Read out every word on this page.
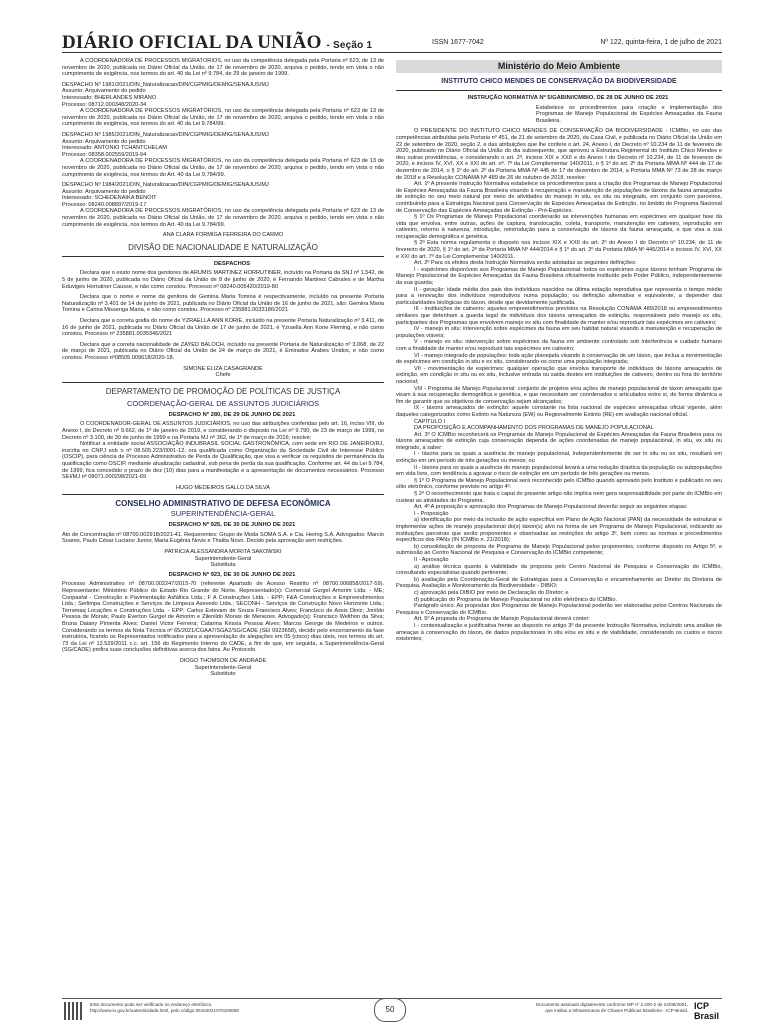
DIÁRIO OFICIAL DA UNIÃO - Seção 1	ISSN 1677-7042	Nº 122, quinta-feira, 1 de julho de 2021

A COORDENADORA DE PROCESSOS MIGRATÓRIOS, no uso da competência delegada pela Portaria nº 623, de 13 de novembro de 2020, publicada no Diário Oficial da União, de 17 de novembro de 2020, arquiva o pedido, tendo em vista o não cumprimento de exigência, nos termos do art. 40 da Lei nº 9.784, de 29 de janeiro de 1999.

DESPACHO Nº 1981/2021/DIN_Naturalizacao/DIN/CGPMIG/DEMIG/SENAJUS/MJ

Assunto: Arquivamento do pedido

Interessado: BHERLANDES MIRANO

Processo: 08712.000348/2020-34

A COORDENADORA DE PROCESSOS MIGRATÓRIOS, no uso da competência delegada pela Portaria nº 623 de 13 de novembro de 2020, publicada no Diário Oficial da União, de 17 de novembro de 2020, arquiva o pedido, tendo em vista o não cumprimento de exigência, nos termos do art. 40 da Lei 9.784/99.

DESPACHO Nº 1985/2021/DIN_Naturalizacao/DIN/CGPMIG/DEMIG/SENAJUS/MJ

Assunto: Arquivamento do pedido

Interessado: ANTONIO TCHANTCHELAM

Processo: 08358.002559/2019-94

A COORDENADORA DE PROCESSOS MIGRATÓRIOS, no uso da competência delegada pela Portaria nº 623 de 13 de novembro de 2020, publicada no Diário Oficial da União, de 17 de novembro de 2020, arquiva o pedido, tendo em vista o não cumprimento de exigência, nos termos do Art. 40 da Lei 9.784/99.

DESPACHO Nº 1984/2021/DIN_Naturalizacao/DIN/CGPMIG/DEMIG/SENAJUS/MJ

Assunto: Arquivamento do pedido

Interessado: SCHEDENAIKA BENOIT

Processo: 08240.008897/2019-17

A COORDENADORA DE PROCESSOS MIGRATÓRIOS, no uso da competência delegada pela Portaria nº 623 de 13 de novembro de 2020, publicada no Diário Oficial da União, de 17 de novembro de 2020, arquiva o pedido, tendo em vista o não cumprimento de exigência, nos termos do Art. 40 da Lei 9.784/99.

ANA CLARA FORMIGA FERREIRA DO CARMO

DIVISÃO DE NACIONALIDADE E NATURALIZAÇÃO

DESPACHOS

Declara que o exato nome dos genitores de ARUMIS MARTINEZ HORRUTINER, incluído na Portaria da SNJ nº 1.542, de 5 de junho de 2020, publicada no Diário Oficial da União de 8 de junho de 2020, é Fernando Martinez Cabrales e de Martha Eduviges Horrutiner Causse, e não como constou. Processo nº 08240.005420/2019-80

Declara que o nome e nome da genitora de Gemina Maria Tomina é respectivamente, incluído na presente Portaria Naturalização nº 3.401 de 14 de junho de 2021, publicada no Diário Oficial da União de 16 de junho de 2021, são: Gemina Maria Tomina e Carina Missenga Maria, e não como constou. Processo nº 235881.0033186/2021

Declara que a correta grafia do nome de YZRAELLA ANN KORIE, incluído na presente Portaria Naturalização nº 3.411, de 16 de junho de 2021, publicada no Diário Oficial da União de 17 de junho de 2021, é Yzraella Ann Korie Fleming, e não como constou. Processo nº 235881.0035346/2021

Declara que a correta nacionalidade de ZAYED BALOCH, incluído na presente Portaria de Naturalização nº 3.068, de 22 de março de 2021, publicada no Diário Oficial da União de 24 de março de 2021, é Emirados Árabes Unidos, e não como constou. Processo nº08505.009618/2020-18.

SIMONE ELIZA CASAGRANDE

Chefe

DEPARTAMENTO DE PROMOÇÃO DE POLÍTICAS DE JUSTIÇA
COORDENAÇÃO-GERAL DE ASSUNTOS JUDICIÁRIOS

DESPACHO Nº 280, DE 29 DE JUNHO DE 2021

O COORDENADOR-GERAL DE ASSUNTOS JUDICIÁRIOS, no uso das atribuições conferidas pelo art. 16, inciso VIII, do Anexo I, do Decreto nº 9.662, de 1º de janeiro de 2019, e considerando o disposto na Lei nº 9.790, de 23 de março de 1999, no Decreto nº 3.100, de 30 de junho de 1999 e na Portaria MJ nº 362, de 1º de março de 2016; resolve:

Notificar a entidade social ASSOCIAÇÃO INDUBRASIL SOCIAL GASTRONÔMICA, com sede em RIO DE JANEIRO/RJ, inscrita no CNPJ sob o nº 08.505.223/0001-12, ora qualificada como Organização da Sociedade Civil de Interesse Público (OSCIP), para ciência de Processo Administrativo de Perda de Qualificação, que visa a verificar os requisitos de permanência da qualificação como OSCIP, mediante atualização cadastral, sob pena de perda da sua qualificação. Conforme art. 44 da Lei 9.784, de 1999, fica concedido o prazo de dez (10) dias para a manifestação e a apresentação de documentos necessários. Processo SEI/MJ nº 08071.000298/2021-69

HUGO MEDEIROS GALLO DA SILVA

CONSELHO ADMINISTRATIVO DE DEFESA ECONÔMICA
SUPERINTENDÊNCIA-GERAL

DESPACHO Nº 925, DE 30 DE JUNHO DE 2021

Ato de Concentração nº 08700.002918/2021-41. Requerentes: Grupo de Moda SOMA S.A. e Cia. Hering S.A. Advogados: Marcio Soares, Paulo César Luciano Junior, Maria Eugênia Novis e Thalita Novo. Decido pela aprovação sem restrições.

PATRICIA ALESSANDRA MORITA SAKOWSKI

Superintendente-Geral

Substituta

DESPACHO Nº 923, DE 30 DE JUNHO DE 2021

Processo Administrativo nº 08700.002247/2015-70 (referente Apartado de Acesso Restrito nº 08700.006858/2017-59). Representante: Ministério Público do Estado Rio Grande do Norte. Representado(s): Comercial Gurgel Amorim Ltda. - ME; Conpasfal - Construção e Pavimentação Asfáltica Ltda.; F A Construções Ltda. - EPP; F&A Construções e Empreendimentos Ltda.; Serlimpa Construções e Serviços de Limpeza Azevedo Ltda.; SECONH - Serviços de Construção Novo Horizonte Ltda.; Terramaq Locações e Construções Ltda. - EPP; Carlos Estevam de Souza Francisco Alves; Francisco de Assis Diniz; Jonildo Pessoa de Morais; Paulo Everton Gurgel de Amorim e Zilenildo Morais de Menezes. Advogado(s): Francisco Welthon da Silva; Bruna Daiany Pimenta Alves; Daniel Victor Ferreira; Catarina Késsia Pessoa Alves; Marcos George de Medeiros e outros. Considerando os termos da Nota Técnica nº 65/2021/CGAA7/SGA2/SG/CADE (SEI 0923658), decido pelo encerramento da fase instrutória, ficando os Representados notificados para a apresentação de alegações em 05 (cinco) dias úteis, nos termos do art. 73 da Lei nº 12.529/2011 c.c. art. 156 do Regimento Interno do CADE, a fim de que, em seguida, a Superintendência-Geral (SG/CADE) profira suas conclusões definitivas acerca dos fatos. Ao Protocolo.

DIOGO THOMSON DE ANDRADE

Superintendente-Geral

Substituto

Ministério do Meio Ambiente
INSTITUTO CHICO MENDES DE CONSERVAÇÃO DA BIODIVERSIDADE

INSTRUÇÃO NORMATIVA Nº 5/GABIN/ICMBIO, DE 28 DE JUNHO DE 2021

Estabelece os procedimentos para criação e implementação dos Programas de Manejo Populacional de Espécies Ameaçadas da Fauna Brasileira.

O PRESIDENTE DO INSTITUTO CHICO MENDES DE CONSERVAÇÃO DA BIODIVERSIDADE - ICMBio, no uso das competências atribuídas pela Portaria nº 451, de 21 de setembro de 2020, da Casa Civil, e publicada no Diário Oficial da União em 22 de setembro de 2020, seção 2, e das atribuições que lhe confere o art. 24, Anexo I, do Decreto nº 10.234 de 11 de fevereiro de 2020, publicado no Diário Oficial da União do dia subsequente, que aprovou a Estrutura Regimental do Instituto Chico Mendes e deu outras providências, e considerando o art. 2º, incisos XIX e XXII e do Anexo I do Decreto nº 10.234, de 11 de fevereiro de 2020, e incisos IV, XVI, XX e XXI do art. nº. 7º da Lei Complementar 140/2011, o § 1º do art. 2º da Portaria MMA Nº 444 de 17 de dezembro de 2014, o § 1º do art. 2º da Portaria MMA Nº 445 de 17 de dezembro de 2014, a Portaria MMA Nº 73 de 28 de março de 2018 e a Resolução CONAMA Nº 489 de 26 de outubro de 2018, resolve:

Art. 1º A presente Instrução Normativa estabelece os procedimentos para a criação dos Programas de Manejo Populacional de Espécies Ameaçadas da Fauna Brasileira visando à recuperação e manutenção de populações de táxons da fauna ameaçados de extinção no seu meio natural por meio de atividades do manejo in situ, ex situ ou integrado, em conjunto com parceiros, contribuindo para a Estratégia Nacional para Conservação de Espécies Ameaçadas de Extinção, no âmbito do Programa Nacional de Conservação das Espécies Ameaçadas de Extinção - Pró-Espécies.

§ 1º Os Programas de Manejo Populacional coordenarão as intervenções humanas em espécimes em qualquer fase da vida que envolva, entre outras, ações de captura, translocação, coleta, transporte, manutenção em cativeiro, reprodução em cativeiro, retorno à natureza, introdução, reintrodução para a conservação de táxons da fauna ameaçada, e que visa a sua recuperação demográfica e genética.

§ 2º Esta norma regulamenta o disposto nos incisos XIX e XXII do art. 2º do Anexo I do Decreto nº 10.234, de 11 de fevereiro de 2020, § 1º do art. 2º da Portaria MMA Nº 444/2014 e § 1º do art. 2º da Portaria MMA Nº 445/2014 e incisos IV, XVI, XX e XXI do art. 7º da Lei Complementar 140/2011.

Art. 2º Para os efeitos desta Instrução Normativa serão adotadas as seguintes definições:

I - espécimes disponíveis aos Programas de Manejo Populacional: todos os espécimes cujos táxons tenham Programa de Manejo Populacional de Espécies Ameaçadas da Fauna Brasileira oficialmente instituído pelo Poder Público, independentemente da sua guarda;

II - geração: idade média dos pais dos indivíduos nascidos na última estação reprodutiva que representa o tempo médio para a renovação dos indivíduos reprodutivos numa população; ou definição alternativa e equivalente, a depender das particularidades biológicas do táxon, desde que devidamente justificada.

III - instituições de cativeiro: aqueles empreendimentos previstos na Resolução CONAMA 489/2018 ou empreendimentos similares que detenham a guarda legal de indivíduos dos táxons ameaçados de extinção, responsáveis pelo manejo ex situ, participantes dos Programas que envolvem manejo ex situ com finalidade de manter e/ou reproduzir tais espécimes em cativeiro;

IV - manejo in situ: intervenção sobre espécimes da fauna em seu habitat natural visando à manutenção e recuperação de populações viáveis;

V - manejo ex situ: intervenção sobre espécimes da fauna em ambiente controlado sob interferência e cuidado humano com a finalidade de manter e/ou reproduzir tais espécimes em cativeiro;

VI - manejo integrado de populações: toda ação planejada visando à conservação de um táxon, que inclua a movimentação de espécimes em condição in situ e ex situ, considerando-os como uma população integrada;

VII - movimentação de espécimes: qualquer operação que envolva transporte de indivíduos de táxons ameaçados de extinção, em condição in situ ou ex situ, inclusive entrada ou saída destes em instituições de cativeiro, dentro ou fora do território nacional;

VIII - Programa de Manejo Populacional: conjunto de projetos e/ou ações de manejo populacional de táxon ameaçado que visam à sua recuperação demográfica e genética, e que necessitam ser coordenados e articulados entre si, de forma dinâmica a fim de garantir que os objetivos de conservação sejam alcançados;

IX - táxons ameaçados de extinção: aquele constante na lista nacional de espécies ameaçadas oficial vigente, além daqueles categorizados como Extinto na Natureza (EW) ou Regionalmente Extinto (RE) em avaliação nacional oficial.

CAPÍTULO I

DA PROPOSIÇÃO E ACOMPANHAMENTO DOS PROGRAMAS DE MANEJO POPULACIONAL

Art. 3º O ICMBio reconhecerá os Programas de Manejo Populacional de Espécies Ameaçadas da Fauna Brasileira para os táxons ameaçados de extinção cuja conservação dependa de ações coordenadas de manejo populacional, in situ, ex situ ou integrado, a saber:

I - táxons para os quais a ausência de manejo populacional, independentemente de ser in situ ou ex situ, resultará em extinção em um período de três gerações ou menos; ou

II - táxons para os quais a ausência do manejo populacional levará a uma redução drástica da população ou subpopulações em vida livre, com tendência a agravar o risco de extinção em um período de três gerações ou menos.

§ 1º O Programa de Manejo Populacional será reconhecido pelo ICMBio quando aprovado pelo Instituto e publicado no seu sítio eletrônico, conforme previsto no artigo 4º.

§ 2º O reconhecimento que trata o caput do presente artigo não implica nem gera responsabilidade por parte do ICMBio em custear as atividades do Programa.

Art. 4º A proposição e aprovação dos Programas de Manejo Populacional deverão seguir as seguintes etapas:

I - Proposição

a) identificação por meio da inclusão de ação específica em Plano de Ação Nacional (PAN) da necessidade de estruturar e implementar ações de manejo populacional do(s) táxon(s) alvo na forma de um Programa de Manejo Populacional, indicando as instituições parceiras que serão proponentes e observadas as restrições do artigo 3º, bem como as normas e procedimentos específicos dos PANs (IN ICMBio n. 21/2018);

b) consolidação de proposta de Programa de Manejo Populacional pelos proponentes, conforme disposto no Artigo 5º, e submissão ao Centro Nacional de Pesquisa e Conservação do ICMBio competente;

II - Aprovação

a) análise técnica quanto à viabilidade da proposta pelo Centro Nacional de Pesquisa e Conservação do ICMBio, consultando especialistas quando pertinente;

b) avaliação pela Coordenação-Geral de Estratégias para a Conservação e encaminhamento ao Diretor da Diretoria de Pesquisa, Avaliação e Monitoramento da Biodiversidade - DIBIO;

c) aprovação pela DIBIO por meio de Declaração do Diretor; e

d) publicação do Programa de Manejo Populacional no sítio eletrônico do ICMBio.

Parágrafo único. As propostas dos Programas de Manejo Populacional poderão ser elaboradas pelos Centros Nacionais de Pesquisa e Conservação do ICMBio.

Art. 5º A proposta do Programa de Manejo Populacional deverá conter:

I - contextualização e justificativa frente ao disposto no artigo 3º da presente Instrução Normativa, incluindo uma análise de ameaças à conservação do táxon, de dados populacionais in situ e/ou ex situ e de viabilidade, considerando os custos e riscos existentes;

Este documento pode ser verificado no endereço eletrônico
http://www.in.gov.br/autenticidade.html, pelo código 05152021070100050	50
Documento assinado digitalmente conforme MP nº 2.200-2 de 24/08/2001,
que institui a Infraestrutura de Chaves Públicas Brasileira - ICP-Brasil. ICP Brasil
